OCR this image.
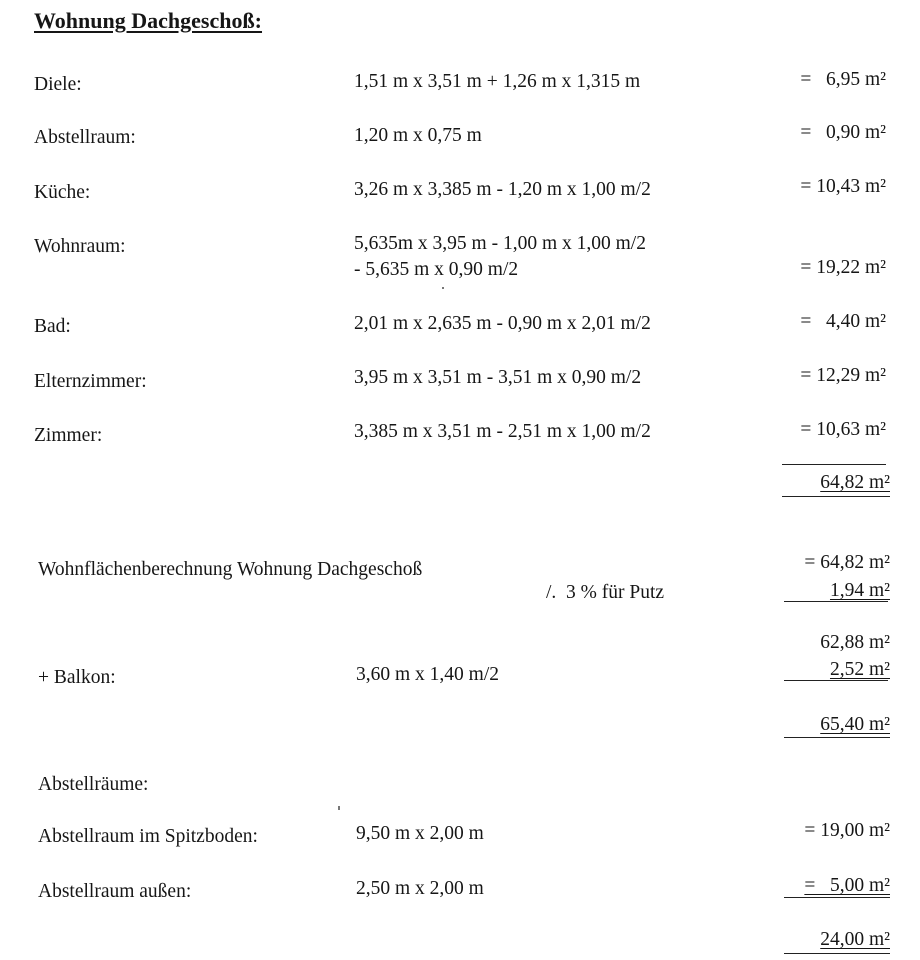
Wohnung Dachgeschoß:
Diele:	1,51 m x 3,51 m + 1,26 m x 1,315 m	=   6,95 m²
Abstellraum:	1,20 m x 0,75 m	=   0,90 m²
Küche:	3,26 m x 3,385 m - 1,20 m x 1,00 m/2	= 10,43 m²
Wohnraum:	5,635m x 3,95 m - 1,00 m x 1,00 m/2
- 5,635 m x 0,90 m/2	= 19,22 m²
Bad:	2,01 m x 2,635 m - 0,90 m x 2,01 m/2	=   4,40 m²
Elternzimmer:	3,95 m x 3,51 m - 3,51 m x 0,90 m/2	= 12,29 m²
Zimmer:	3,385 m x 3,51 m - 2,51 m x 1,00 m/2	= 10,63 m²
64,82 m²
Wohnflächenberechnung Wohnung Dachgeschoß	= 64,82 m²
/.  3 % für Putz	1,94 m²
62,88 m²
+ Balkon:	3,60 m x 1,40 m/2	2,52 m²
65,40 m²
Abstellräume:
Abstellraum im Spitzboden:	9,50 m x 2,00 m	= 19,00 m²
Abstellraum außen:	2,50 m x 2,00 m	=   5,00 m²
24,00 m²
